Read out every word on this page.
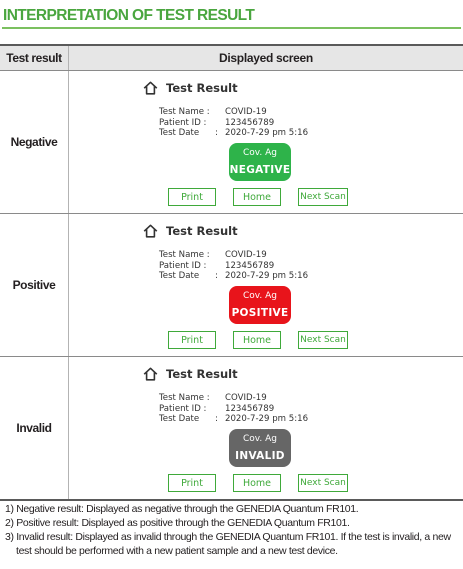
INTERPRETATION OF TEST RESULT
Test result	Displayed screen
Negative
Test Result
Test Name :	COVID-19
Patient ID :	123456789
Test Date	: 2020-7-29 pm 5:16
Cov. Ag
NEGATIVE
Print	Home	Next Scan
Positive
Test Result
Test Name :	COVID-19
Patient ID :	123456789
Test Date	: 2020-7-29 pm 5:16
Cov. Ag
POSITIVE
Print	Home	Next Scan
Invalid
Test Result
Test Name :	COVID-19
Patient ID :	123456789
Test Date	: 2020-7-29 pm 5:16
Cov. Ag
INVALID
Print	Home	Next Scan
1) Negative result: Displayed as negative through the GENEDIA Quantum FR101.
2) Positive result: Displayed as positive through the GENEDIA Quantum FR101.
3) Invalid result: Displayed as invalid through the GENEDIA Quantum FR101. If the test is invalid, a new
test should be performed with a new patient sample and a new test device.
